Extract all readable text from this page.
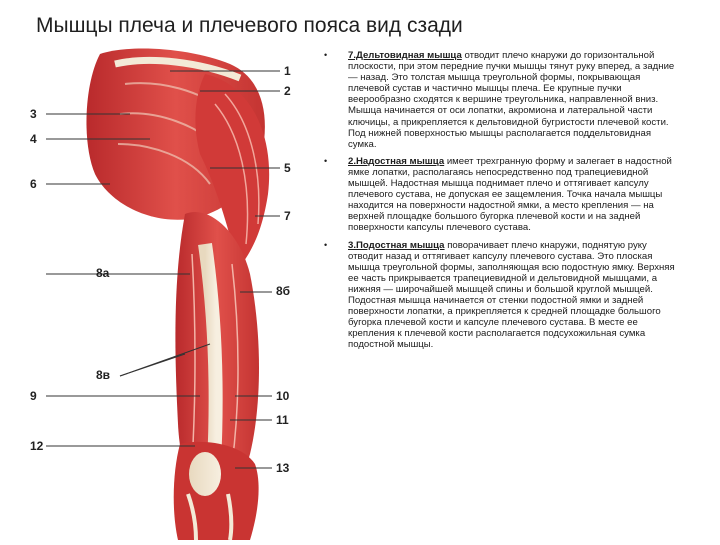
Мышцы плеча и плечевого пояса вид сзади
1
2
3
4
5
6
7
8а
8б
8в
9	10
11
12
13
• 7.Дельтовидная мышца отводит плечо кнаружи до горизонтальной плоскости, при этом передние пучки мышцы тянут руку вперед, а задние — назад. Это толстая мышца треугольной формы, покрывающая плечевой сустав и частично мышцы плеча. Ее крупные пучки веерообразно сходятся к вершине треугольника, направленной вниз. Мышца начинается от оси лопатки, акромиона и латеральной части ключицы, а прикрепляется к дельтовидной бугристости плечевой кости. Под нижней поверхностью мышцы располагается поддельтовидная сумка.
• 2.Надостная мышца имеет трехгранную форму и залегает в надостной ямке лопатки, располагаясь непосредственно под трапециевидной мышцей. Надостная мышца поднимает плечо и оттягивает капсулу плечевого сустава, не допуская ее защемления. Точка начала мышцы находится на поверхности надостной ямки, а место крепления — на верхней площадке большого бугорка плечевой кости и на задней поверхности капсулы плечевого сустава.
• 3.Подостная мышца поворачивает плечо кнаружи, поднятую руку отводит назад и оттягивает капсулу плечевого сустава. Это плоская мышца треугольной формы, заполняющая всю подостную ямку. Верхняя ее часть прикрывается трапециевидной и дельтовидной мышцами, а нижняя — широчайшей мышцей спины и большой круглой мышцей. Подостная мышца начинается от стенки подостной ямки и задней поверхности лопатки, а прикрепляется к средней площадке большого бугорка плечевой кости и капсуле плечевого сустава. В месте ее крепления к плечевой кости располагается подсухожильная сумка подостной мышцы.
